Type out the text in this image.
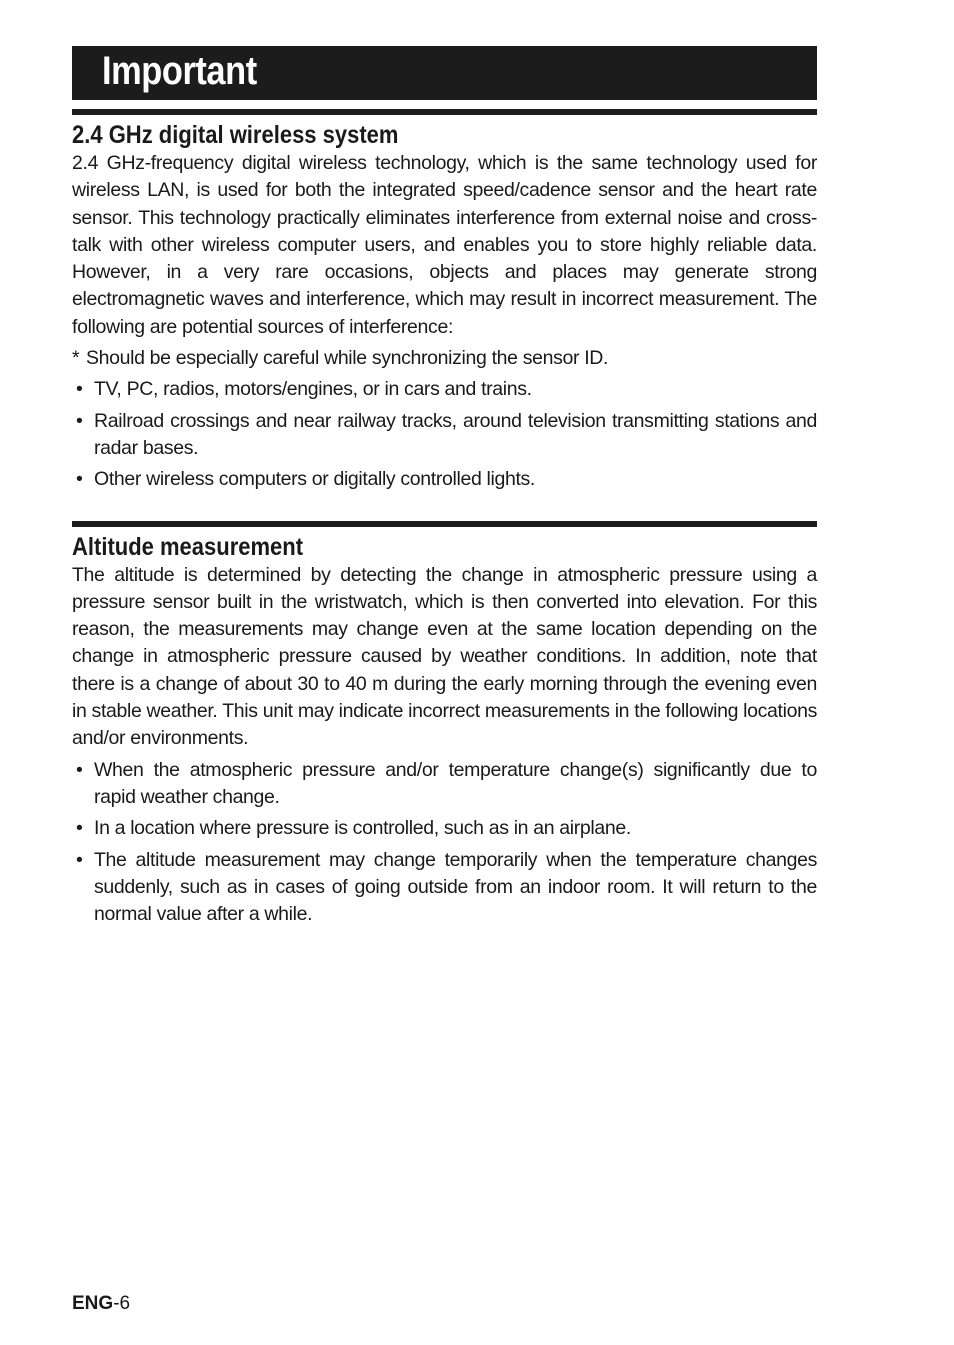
Important
2.4 GHz digital wireless system

2.4 GHz-frequency digital wireless technology, which is the same technology used for wireless LAN, is used for both the integrated speed/cadence sensor and the heart rate sensor. This technology practically eliminates interference from external noise and cross-talk with other wireless computer users, and enables you to store highly reliable data. However, in a very rare occasions, objects and places may generate strong electromagnetic waves and interference, which may result in incorrect measurement. The following are potential sources of interference:

* Should be especially careful while synchronizing the sensor ID.
• TV, PC, radios, motors/engines, or in cars and trains.
• Railroad crossings and near railway tracks, around television transmitting stations and radar bases.
• Other wireless computers or digitally controlled lights.
Altitude measurement

The altitude is determined by detecting the change in atmospheric pressure using a pressure sensor built in the wristwatch, which is then converted into elevation. For this reason, the measurements may change even at the same location depending on the change in atmospheric pressure caused by weather conditions. In addition, note that there is a change of about 30 to 40 m during the early morning through the evening even in stable weather. This unit may indicate incorrect measurements in the following locations and/or environments.

• When the atmospheric pressure and/or temperature change(s) significantly due to rapid weather change.
• In a location where pressure is controlled, such as in an airplane.
• The altitude measurement may change temporarily when the temperature changes suddenly, such as in cases of going outside from an indoor room. It will return to the normal value after a while.
ENG-6
